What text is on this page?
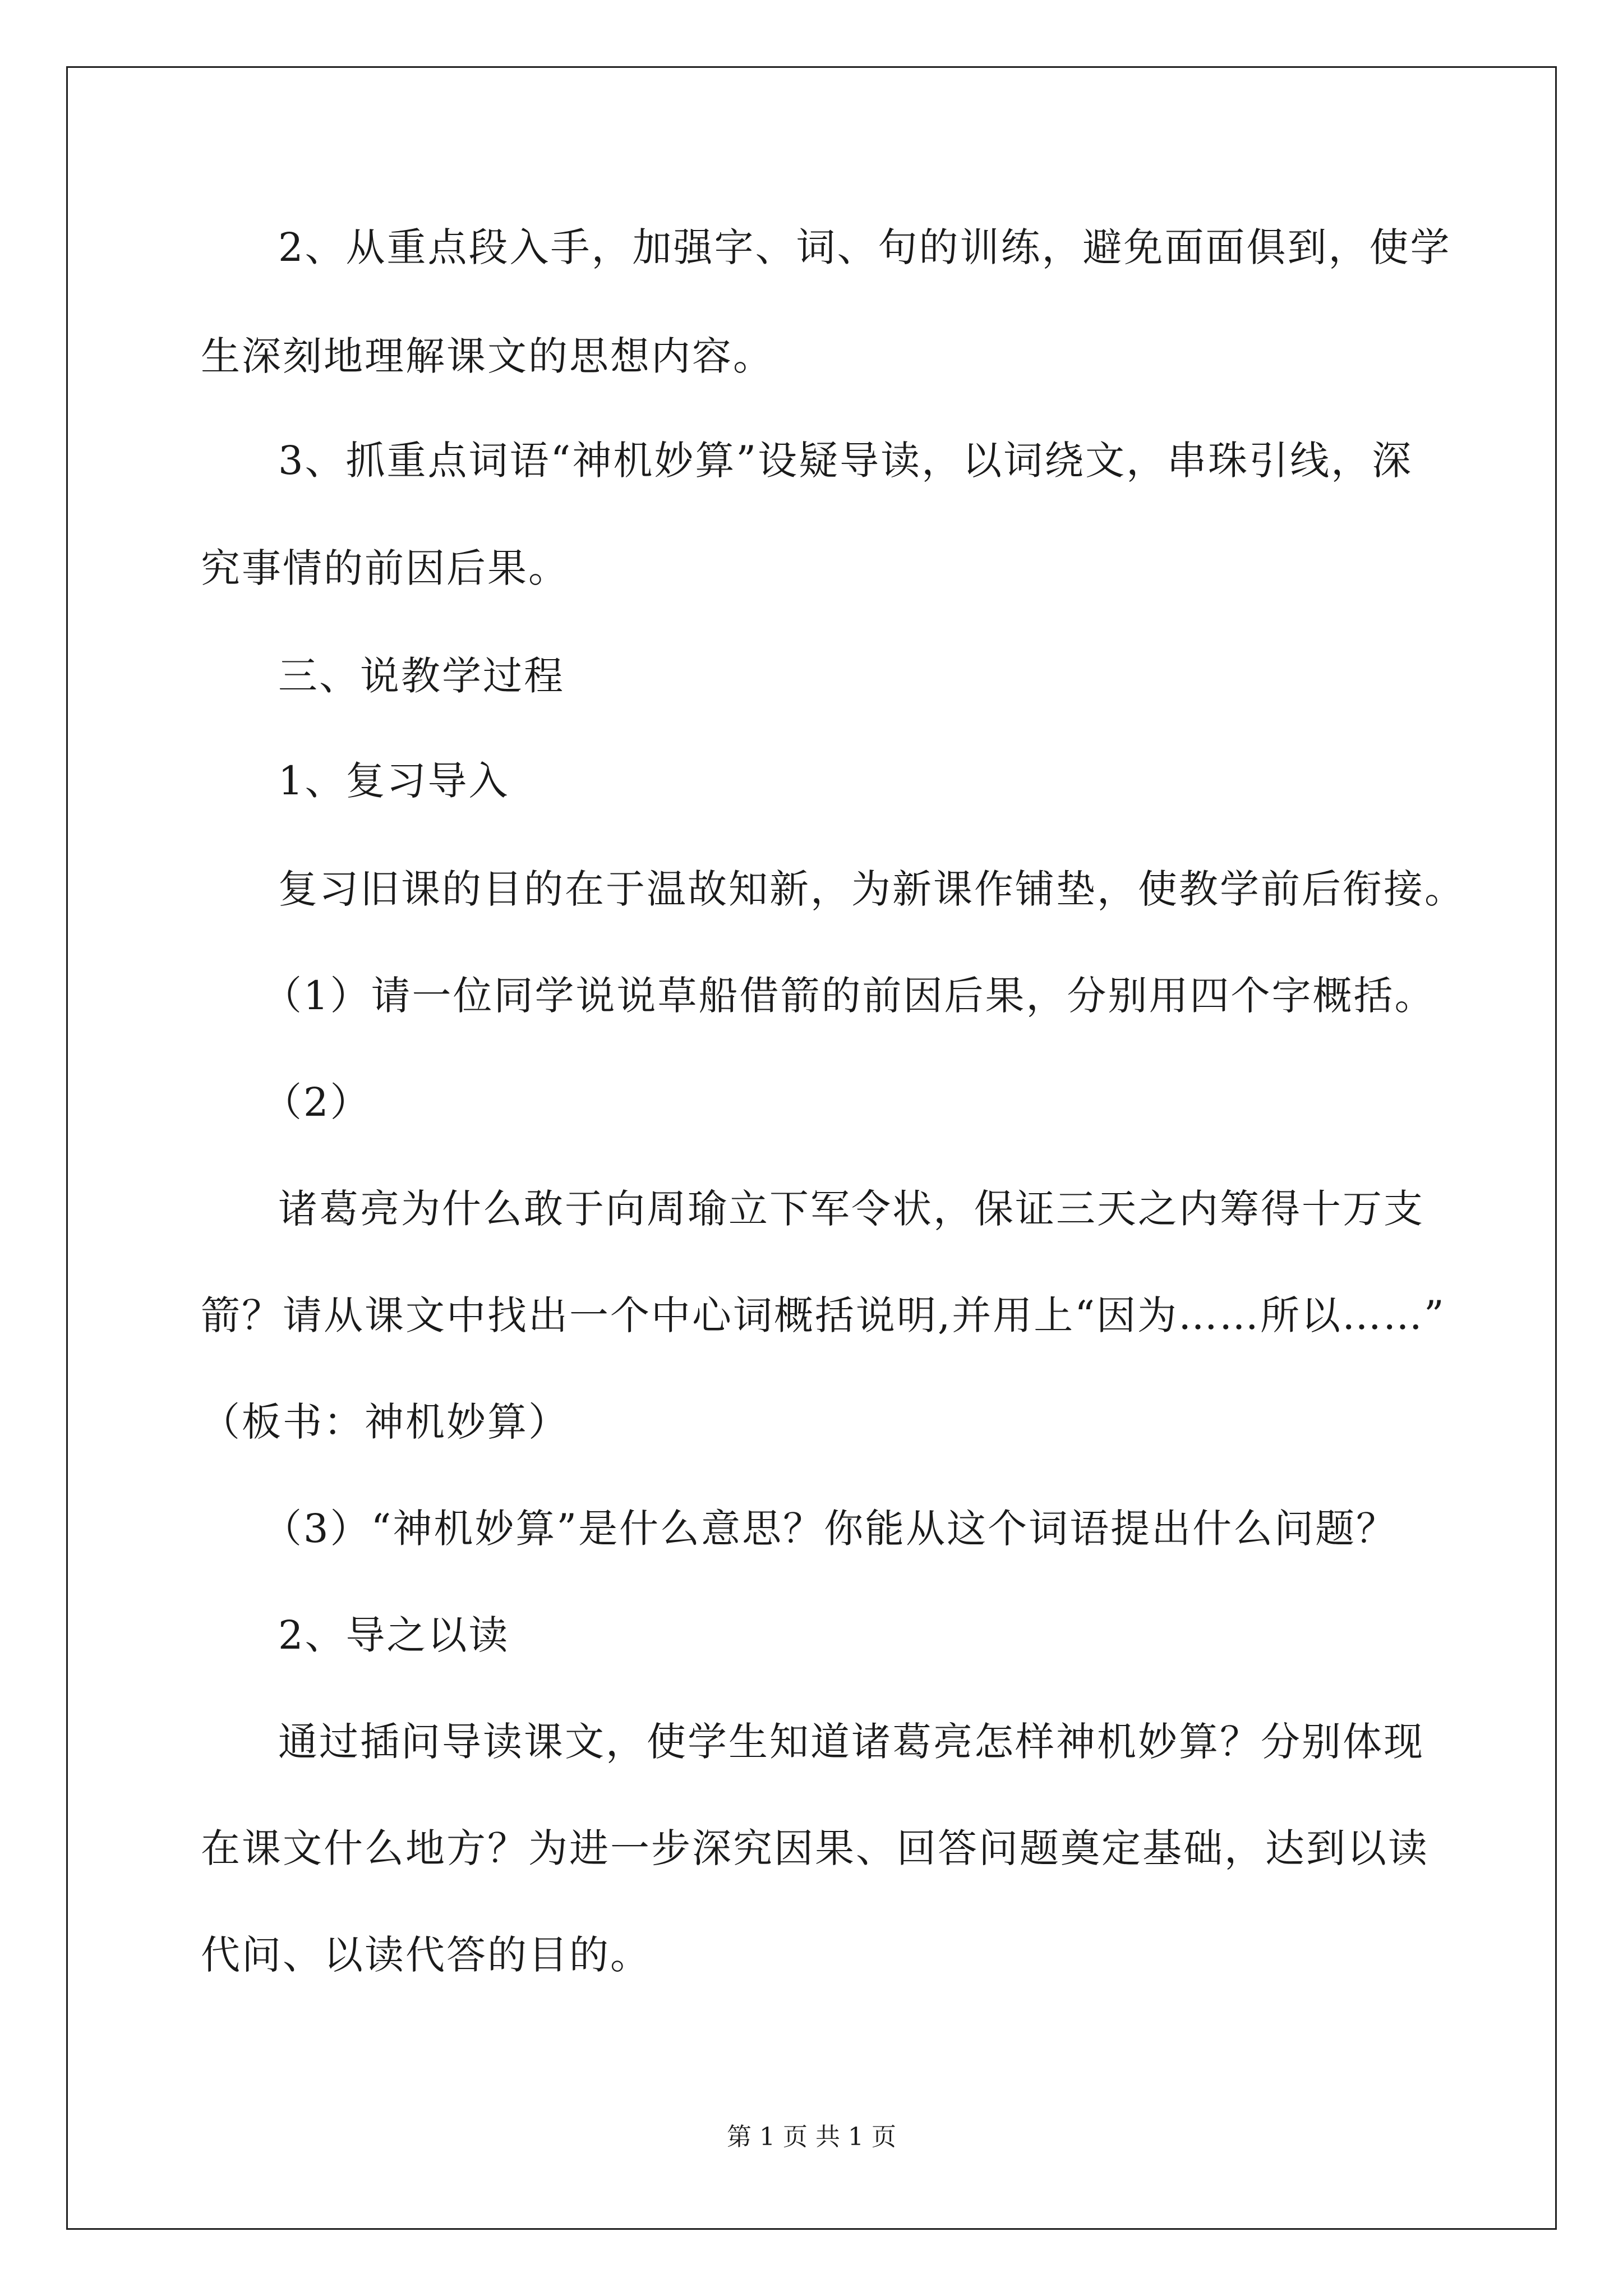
2、从重点段入手，加强字、词、句的训练，避免面面俱到，使学
生深刻地理解课文的思想内容。
3、抓重点词语“神机妙算”设疑导读，以词绕文，串珠引线，深
究事情的前因后果。
三、说教学过程
1、复习导入
复习旧课的目的在于温故知新，为新课作铺垫，使教学前后衔接。
（1）请一位同学说说草船借箭的前因后果，分别用四个字概括。
（2）
诸葛亮为什么敢于向周瑜立下军令状，保证三天之内筹得十万支
箭？请从课文中找出一个中心词概括说明,并用上“因为……所以……”
（板书：神机妙算）
（3）“神机妙算”是什么意思？你能从这个词语提出什么问题？
2、导之以读
通过插问导读课文，使学生知道诸葛亮怎样神机妙算？分别体现
在课文什么地方？为进一步深究因果、回答问题奠定基础，达到以读
代问、以读代答的目的。
第 1 页 共 1 页
